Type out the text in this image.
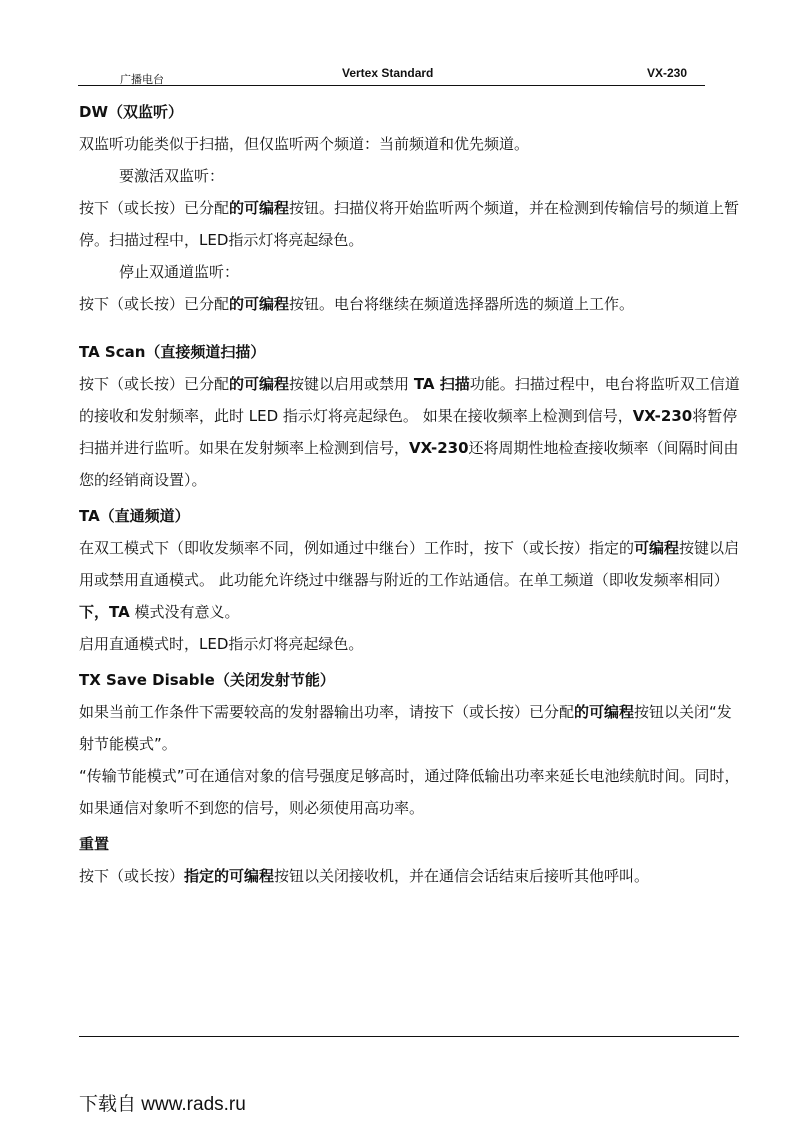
广播电台	Vertex Standard	VX-230

DW（双监听）

双监听功能类似于扫描，但仅监听两个频道：当前频道和优先频道。

要激活双监听：

按下（或长按）已分配的可编程按钮。扫描仪将开始监听两个频道，并在检测到传输信号的频道上暂停。扫描过程中，LED指示灯将亮起绿色。

停止双通道监听：

按下（或长按）已分配的可编程按钮。电台将继续在频道选择器所选的频道上工作。

TA Scan（直接频道扫描）

按下（或长按）已分配的可编程按键以启用或禁用 TA 扫描功能。扫描过程中，电台将监听双工信道的接收和发射频率，此时 LED 指示灯将亮起绿色。 如果在接收频率上检测到信号，VX-230将暂停扫描并进行监听。如果在发射频率上检测到信号，VX-230还将周期性地检查接收频率（间隔时间由您的经销商设置）。

TA（直通频道）

在双工模式下（即收发频率不同，例如通过中继台）工作时，按下（或长按）指定的可编程按键以启用或禁用直通模式。 此功能允许绕过中继器与附近的工作站通信。在单工频道（即收发频率相同）下，TA 模式没有意义。

启用直通模式时，LED指示灯将亮起绿色。

TX Save Disable（关闭发射节能）

如果当前工作条件下需要较高的发射器输出功率，请按下（或长按）已分配的可编程按钮以关闭“发射节能模式”。

“传输节能模式”可在通信对象的信号强度足够高时，通过降低输出功率来延长电池续航时间。同时，如果通信对象听不到您的信号，则必须使用高功率。

重置

按下（或长按）指定的可编程按钮以关闭接收机，并在通信会话结束后接听其他呼叫。

下载自 www.rads.ru
